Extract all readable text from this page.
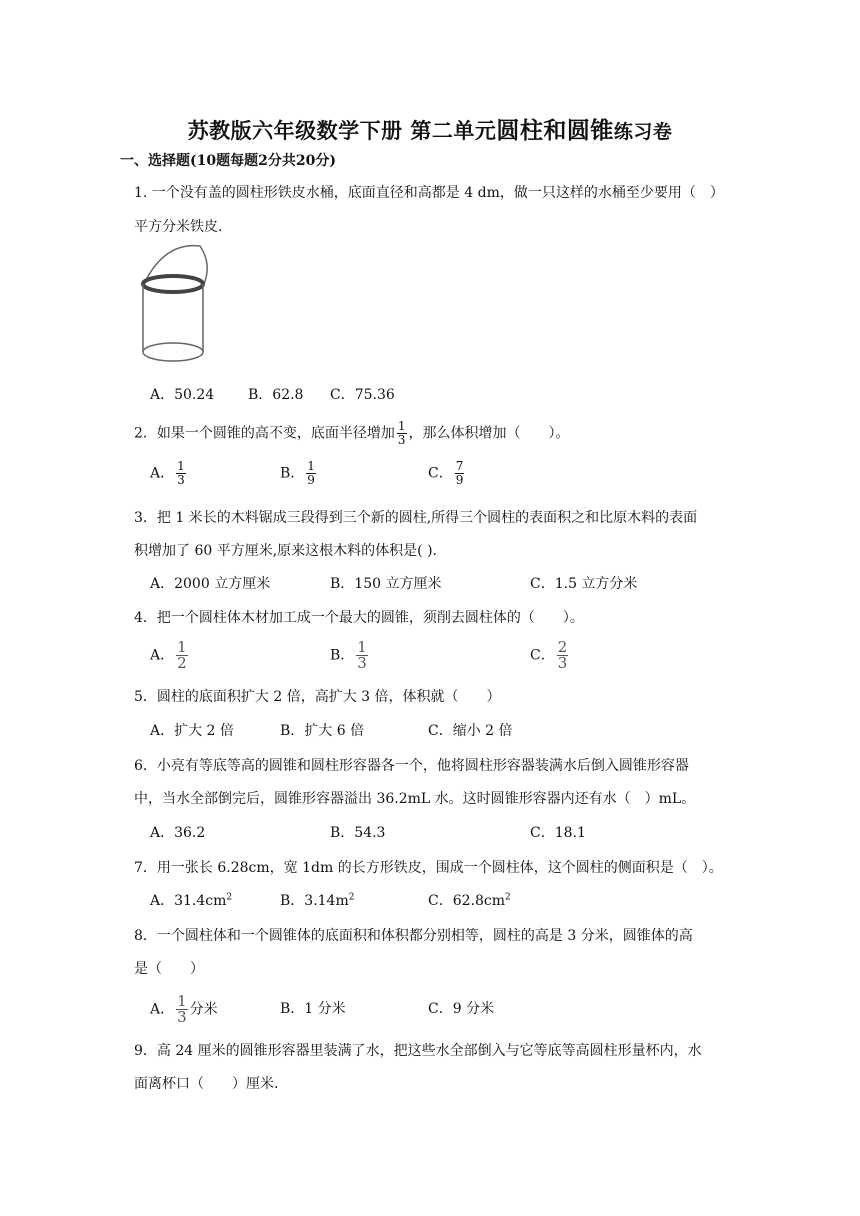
苏教版六年级数学下册 第二单元圆柱和圆锥练习卷
一、选择题(10题每题2分共20分)
1. 一个没有盖的圆柱形铁皮水桶，底面直径和高都是 4 dm，做一只这样的水桶至少要用（　）
平方分米铁皮.
A．50.24 B．62.8 C．75.36
2．如果一个圆锥的高不变，底面半径增加 $\frac{1}{3}$ ，那么体积增加（　　）。
A． $\frac{1}{3}$	B． $\frac{1}{9}$	C． $\frac{7}{9}$
3．把 1 米长的木料锯成三段得到三个新的圆柱,所得三个圆柱的表面积之和比原木料的表面
积增加了 60 平方厘米,原来这根木料的体积是( ).
A．2000 立方厘米	B．150 立方厘米	C．1.5 立方分米
4．把一个圆柱体木材加工成一个最大的圆锥，须削去圆柱体的（　　）。
A． $\frac{1}{2}$	B． $\frac{1}{3}$	C． $\frac{2}{3}$
5．圆柱的底面积扩大 2 倍，高扩大 3 倍，体积就（　　）
A．扩大 2 倍	B．扩大 6 倍	C．缩小 2 倍
6．小亮有等底等高的圆锥和圆柱形容器各一个，他将圆柱形容器装满水后倒入圆锥形容器
中，当水全部倒完后，圆锥形容器溢出 36.2mL 水。这时圆锥形容器内还有水（　）mL。
A．36.2	B．54.3	C．18.1
7．用一张长 6.28cm，宽 1dm 的长方形铁皮，围成一个圆柱体，这个圆柱的侧面积是（　）。
A．$31.4cm^2$	B．$3.14m^2$	C．$62.8cm^2$
8．一个圆柱体和一个圆锥体的底面积和体积都分别相等，圆柱的高是 3 分米，圆锥体的高
是（　　）
A． $\frac{1}{3}$ 分米	B．1 分米	C．9 分米
9．高 24 厘米的圆锥形容器里装满了水，把这些水全部倒入与它等底等高圆柱形量杯内，水
面离杯口（　　）厘米.
